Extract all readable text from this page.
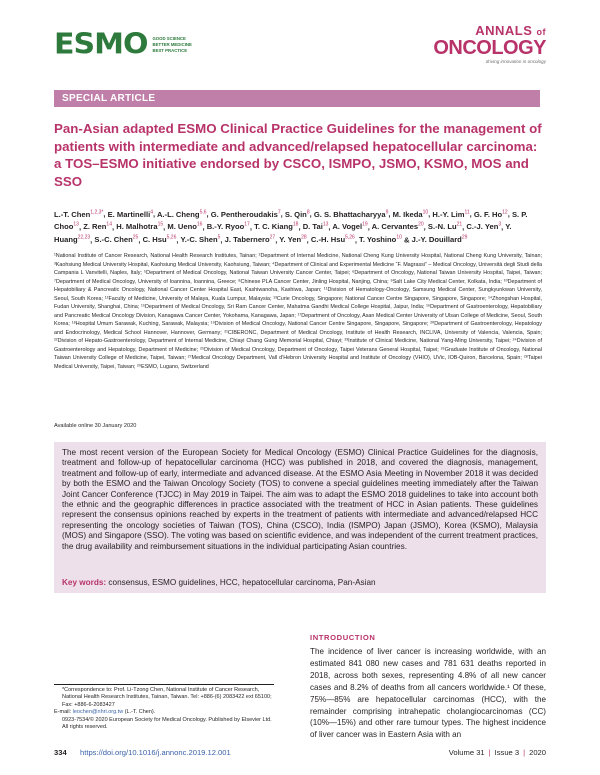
ESMO GOOD SCIENCE
BETTER MEDICINE
BEST PRACTICE
ANNALS of
ONCOLOGY
driving innovation in oncology
SPECIAL ARTICLE
Pan-Asian adapted ESMO Clinical Practice Guidelines for the management of patients with intermediate and advanced/relapsed hepatocellular carcinoma: a TOS–ESMO initiative endorsed by CSCO, ISMPO, JSMO, KSMO, MOS and SSO
L.-T. Chen$^{1,2,3*}$, E. Martinelli$^4$, A.-L. Cheng$^{5,6}$, G. Pentheroudakis$^7$, S. Qin$^8$, G. S. Bhattacharyya$^9$, M. Ikeda$^{10}$, H.-Y. Lim$^{11}$, G. F. Ho$^{12}$, S. P. Choo$^{13}$, Z. Ren$^{14}$, H. Malhotra$^{15}$, M. Ueno$^{16}$, B.-Y. Ryoo$^{17}$, T. C. Kiang$^{18}$, D. Tai$^{13}$, A. Vogel$^{19}$, A. Cervantes$^{20}$, S.-N. Lu$^{21}$, C.-J. Yen$^3$, Y. Huang$^{22,23}$, S.-C. Chen$^{25}$, C. Hsu$^{5,26}$, Y.-C. Shen$^5$, J. Tabernero$^{27}$, Y. Yen$^{28}$, C.-H. Hsu$^{5,26}$, T. Yoshino$^{10}$ & J.-Y. Douillard$^{29}$
¹National Institute of Cancer Research, National Health Research Institutes, Tainan; ²Department of Internal Medicine, National Cheng Kung University Hospital, National Cheng Kung University, Tainan; ³Kaohsiung Medical University Hospital, Kaohsiung Medical University, Kaohsiung, Taiwan; ⁴Department of Clinical and Experimental Medicine “F. Magrassi” – Medical Oncology, Università degli Studi della Campania L Vanvitelli, Naples, Italy; ⁵Department of Medical Oncology, National Taiwan University Cancer Center, Taipei; ⁶Department of Oncology, National Taiwan University Hospital, Taipei, Taiwan; ⁷Department of Medical Oncology, University of Ioannina, Ioannina, Greece; ⁸Chinese PLA Cancer Center, Jinling Hospital, Nanjing, China; ⁹Salt Lake City Medical Center, Kolkata, India; ¹⁰Department of Hepatobiliary & Pancreatic Oncology, National Cancer Center Hospital East, Kashiwanoha, Kashiwa, Japan; ¹¹Division of Hematology-Oncology, Samsung Medical Center, Sungkyunkwan University, Seoul, South Korea; ¹²Faculty of Medicine, University of Malaya, Kuala Lumpur, Malaysia; ¹³Curie Oncology, Singapore; National Cancer Centre Singapore, Singapore, Singapore; ¹⁴Zhongshan Hospital, Fudan University, Shanghai, China; ¹⁵Department of Medical Oncology, Sri Ram Cancer Center, Mahatma Gandhi Medical College Hospital, Jaipur, India; ¹⁶Department of Gastroenterology, Hepatobiliary and Pancreatic Medical Oncology Division, Kanagawa Cancer Center, Yokohama, Kanagawa, Japan; ¹⁷Department of Oncology, Asan Medical Center University of Ulsan College of Medicine, Seoul, South Korea; ¹⁸Hospital Umum Sarawak, Kuching, Sarawak, Malaysia; ¹⁹Division of Medical Oncology, National Cancer Centre Singapore, Singapore, Singapore; ²⁰Department of Gastroenterology, Hepatology and Endocrinology, Medical School Hannover, Hannover, Germany; ²¹CIBERONC, Department of Medical Oncology, Institute of Health Research, INCLIVA, University of Valencia, Valencia, Spain; ²²Division of Hepato-Gastroenterology, Department of Internal Medicine, Chiayi Chang Gung Memorial Hospital, Chiayi; ²³Institute of Clinical Medicine, National Yang-Ming University, Taipei; ²⁴Division of Gastroenterology and Hepatology, Department of Medicine; ²⁵Division of Medical Oncology, Department of Oncology, Taipei Veterans General Hospital, Taipei; ²⁶Graduate Institute of Oncology, National Taiwan University College of Medicine, Taipei, Taiwan; ²⁷Medical Oncology Department, Vall d’Hebron University Hospital and Institute of Oncology (VHIO), UVic, IOB-Quiron, Barcelona, Spain; ²⁸Taipei Medical University, Taipei, Taiwan; ²⁹ESMO, Lugano, Switzerland
Available online 30 January 2020
The most recent version of the European Society for Medical Oncology (ESMO) Clinical Practice Guidelines for the diagnosis, treatment and follow-up of hepatocellular carcinoma (HCC) was published in 2018, and covered the diagnosis, management, treatment and follow-up of early, intermediate and advanced disease. At the ESMO Asia Meeting in November 2018 it was decided by both the ESMO and the Taiwan Oncology Society (TOS) to convene a special guidelines meeting immediately after the Taiwan Joint Cancer Conference (TJCC) in May 2019 in Taipei. The aim was to adapt the ESMO 2018 guidelines to take into account both the ethnic and the geographic differences in practice associated with the treatment of HCC in Asian patients. These guidelines represent the consensus opinions reached by experts in the treatment of patients with intermediate and advanced/relapsed HCC representing the oncology societies of Taiwan (TOS), China (CSCO), India (ISMPO) Japan (JSMO), Korea (KSMO), Malaysia (MOS) and Singapore (SSO). The voting was based on scientific evidence, and was independent of the current treatment practices, the drug availability and reimbursement situations in the individual participating Asian countries.
Key words: consensus, ESMO guidelines, HCC, hepatocellular carcinoma, Pan-Asian
*Correspondence to: Prof. Li-Tzong Chen, National Institute of Cancer Research, National Health Research Institutes, Tainan, Taiwan. Tel: +886-(6) 2083422 ext 65100; Fax: +886-6-2083427
E-mail: leochen@nhri.org.tw (L.-T. Chen).
0923-7534/© 2020 European Society for Medical Oncology. Published by Elsevier Ltd. All rights reserved.
INTRODUCTION
The incidence of liver cancer is increasing worldwide, with an estimated 841 080 new cases and 781 631 deaths reported in 2018, across both sexes, representing 4.8% of all new cancer cases and 8.2% of deaths from all cancers worldwide.¹ Of these, 75%—85% are hepatocellular carcinomas (HCC), with the remainder comprising intrahepatic cholangiocarcinomas (CC) (10%—15%) and other rare tumour types. The highest incidence of liver cancer was in Eastern Asia with an
334 https://doi.org/10.1016/j.annonc.2019.12.001	Volume 31 | Issue 3 | 2020
